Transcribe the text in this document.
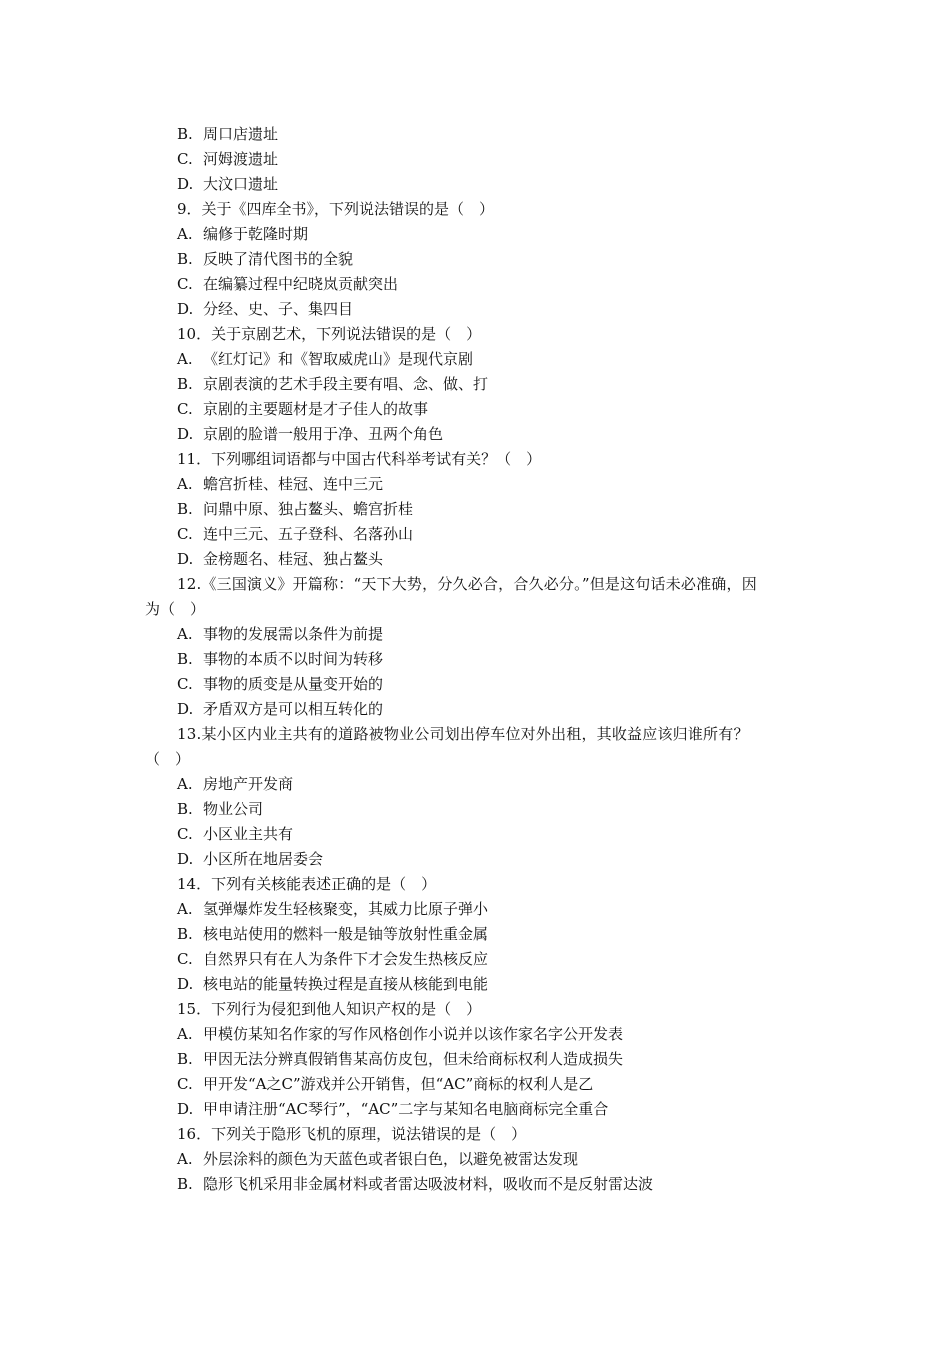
B. 周口店遗址
C. 河姆渡遗址
D. 大汶口遗址
9．关于《四库全书》，下列说法错误的是（　）
A. 编修于乾隆时期
B. 反映了清代图书的全貌
C. 在编纂过程中纪晓岚贡献突出
D. 分经、史、子、集四目
10．关于京剧艺术，下列说法错误的是（　）
A. 《红灯记》和《智取威虎山》是现代京剧
B. 京剧表演的艺术手段主要有唱、念、做、打
C. 京剧的主要题材是才子佳人的故事
D. 京剧的脸谱一般用于净、丑两个角色
11．下列哪组词语都与中国古代科举考试有关？（　）
A. 蟾宫折桂、桂冠、连中三元
B. 问鼎中原、独占鳌头、蟾宫折桂
C. 连中三元、五子登科、名落孙山
D. 金榜题名、桂冠、独占鳌头
12.《三国演义》开篇称：“天下大势，分久必合，合久必分。”但是这句话未必准确，因
为（　）
A. 事物的发展需以条件为前提
B. 事物的本质不以时间为转移
C. 事物的质变是从量变开始的
D. 矛盾双方是可以相互转化的
13.某小区内业主共有的道路被物业公司划出停车位对外出租，其收益应该归谁所有？
（　）
A. 房地产开发商
B. 物业公司
C. 小区业主共有
D. 小区所在地居委会
14．下列有关核能表述正确的是（　）
A. 氢弹爆炸发生轻核聚变，其威力比原子弹小
B. 核电站使用的燃料一般是铀等放射性重金属
C. 自然界只有在人为条件下才会发生热核反应
D. 核电站的能量转换过程是直接从核能到电能
15．下列行为侵犯到他人知识产权的是（　）
A. 甲模仿某知名作家的写作风格创作小说并以该作家名字公开发表
B. 甲因无法分辨真假销售某高仿皮包，但未给商标权利人造成损失
C. 甲开发“A之C”游戏并公开销售，但“AC”商标的权利人是乙
D. 甲申请注册“AC琴行”，“AC”二字与某知名电脑商标完全重合
16．下列关于隐形飞机的原理，说法错误的是（　）
A. 外层涂料的颜色为天蓝色或者银白色，以避免被雷达发现
B. 隐形飞机采用非金属材料或者雷达吸波材料，吸收而不是反射雷达波
